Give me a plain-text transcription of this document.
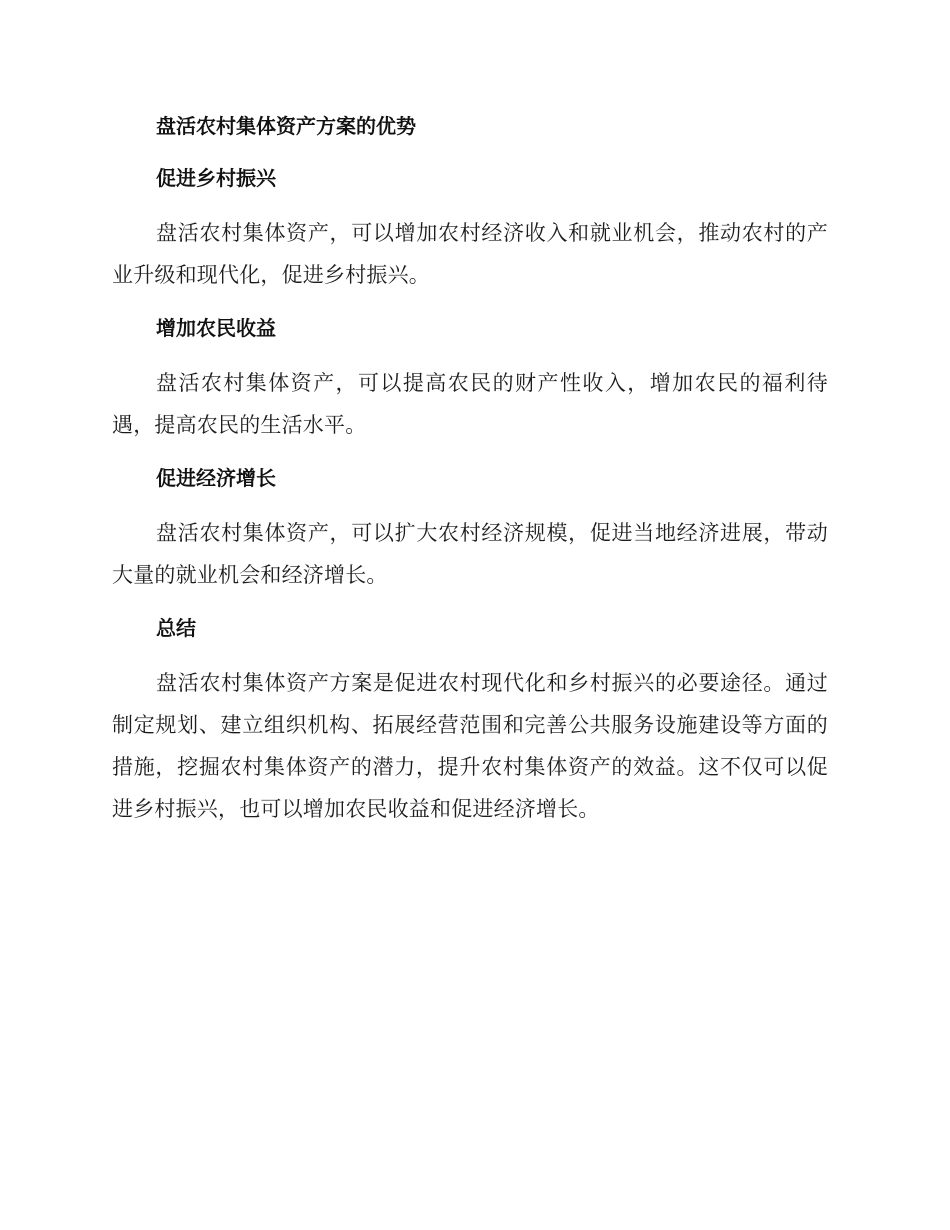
盘活农村集体资产方案的优势
促进乡村振兴

盘活农村集体资产，可以增加农村经济收入和就业机会，推动农村的产业升级和现代化，促进乡村振兴。

增加农民收益

盘活农村集体资产，可以提高农民的财产性收入，增加农民的福利待遇，提高农民的生活水平。

促进经济增长

盘活农村集体资产，可以扩大农村经济规模，促进当地经济进展，带动大量的就业机会和经济增长。

总结

盘活农村集体资产方案是促进农村现代化和乡村振兴的必要途径。通过制定规划、建立组织机构、拓展经营范围和完善公共服务设施建设等方面的措施，挖掘农村集体资产的潜力，提升农村集体资产的效益。这不仅可以促进乡村振兴，也可以增加农民收益和促进经济增长。
